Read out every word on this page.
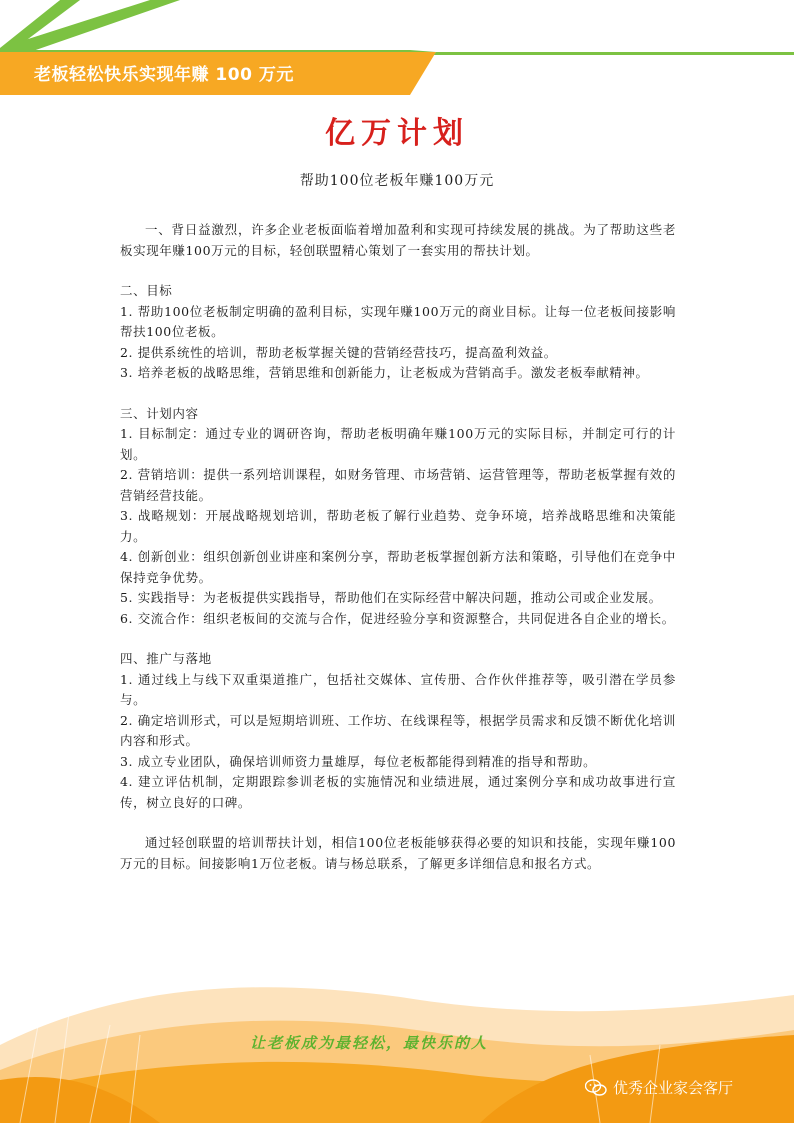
老板轻松快乐实现年赚 100 万元
亿万计划
帮助100位老板年赚100万元

一、背日益激烈，许多企业老板面临着增加盈利和实现可持续发展的挑战。为了帮助这些老板实现年赚100万元的目标，轻创联盟精心策划了一套实用的帮扶计划。

二、目标

1. 帮助100位老板制定明确的盈利目标，实现年赚100万元的商业目标。让每一位老板间接影响帮扶100位老板。

2. 提供系统性的培训，帮助老板掌握关键的营销经营技巧，提高盈利效益。

3. 培养老板的战略思维，营销思维和创新能力，让老板成为营销高手。激发老板奉献精神。

三、计划内容

1. 目标制定：通过专业的调研咨询，帮助老板明确年赚100万元的实际目标，并制定可行的计划。

2. 营销培训：提供一系列培训课程，如财务管理、市场营销、运营管理等，帮助老板掌握有效的营销经营技能。

3. 战略规划：开展战略规划培训，帮助老板了解行业趋势、竞争环境，培养战略思维和决策能力。

4. 创新创业：组织创新创业讲座和案例分享，帮助老板掌握创新方法和策略，引导他们在竞争中保持竞争优势。

5. 实践指导：为老板提供实践指导，帮助他们在实际经营中解决问题，推动公司或企业发展。

6. 交流合作：组织老板间的交流与合作，促进经验分享和资源整合，共同促进各自企业的增长。

四、推广与落地

1. 通过线上与线下双重渠道推广，包括社交媒体、宣传册、合作伙伴推荐等，吸引潜在学员参与。

2. 确定培训形式，可以是短期培训班、工作坊、在线课程等，根据学员需求和反馈不断优化培训内容和形式。

3. 成立专业团队，确保培训师资力量雄厚，每位老板都能得到精准的指导和帮助。

4. 建立评估机制，定期跟踪参训老板的实施情况和业绩进展，通过案例分享和成功故事进行宣传，树立良好的口碑。

通过轻创联盟的培训帮扶计划，相信100位老板能够获得必要的知识和技能，实现年赚100万元的目标。间接影响1万位老板。请与杨总联系，了解更多详细信息和报名方式。

让老板成为最轻松，最快乐的人
优秀企业家会客厅
